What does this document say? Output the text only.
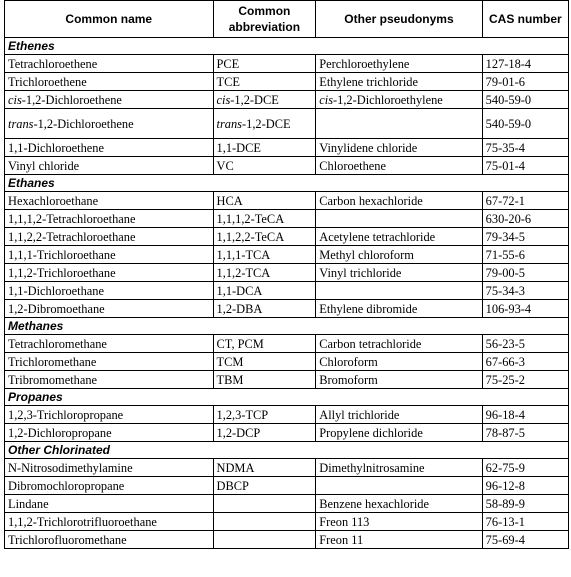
Common name	Common abbreviation	Other pseudonyms	CAS number
Ethenes			
Tetrachloroethene	PCE	Perchloroethylene	127-18-4
Trichloroethene	TCE	Ethylene trichloride	79-01-6
cis-1,2-Dichloroethene	cis-1,2-DCE	cis-1,2-Dichloroethylene	540-59-0
trans-1,2-Dichloroethene	trans-1,2-DCE		540-59-0
1,1-Dichloroethene	1,1-DCE	Vinylidene chloride	75-35-4
Vinyl chloride	VC	Chloroethene	75-01-4
Ethanes			
Hexachloroethane	HCA	Carbon hexachloride	67-72-1
1,1,1,2-Tetrachloroethane	1,1,1,2-TeCA		630-20-6
1,1,2,2-Tetrachloroethane	1,1,2,2-TeCA	Acetylene tetrachloride	79-34-5
1,1,1-Trichloroethane	1,1,1-TCA	Methyl chloroform	71-55-6
1,1,2-Trichloroethane	1,1,2-TCA	Vinyl trichloride	79-00-5
1,1-Dichloroethane	1,1-DCA		75-34-3
1,2-Dibromoethane	1,2-DBA	Ethylene dibromide	106-93-4
Methanes			
Tetrachloromethane	CT, PCM	Carbon tetrachloride	56-23-5
Trichloromethane	TCM	Chloroform	67-66-3
Tribromomethane	TBM	Bromoform	75-25-2
Propanes			
1,2,3-Trichloropropane	1,2,3-TCP	Allyl trichloride	96-18-4
1,2-Dichloropropane	1,2-DCP	Propylene dichloride	78-87-5
Other Chlorinated			
N-Nitrosodimethylamine	NDMA	Dimethylnitrosamine	62-75-9
Dibromochloropropane	DBCP		96-12-8
Lindane		Benzene hexachloride	58-89-9
1,1,2-Trichlorotrifluoroethane		Freon 113	76-13-1
Trichlorofluoromethane		Freon 11	75-69-4
